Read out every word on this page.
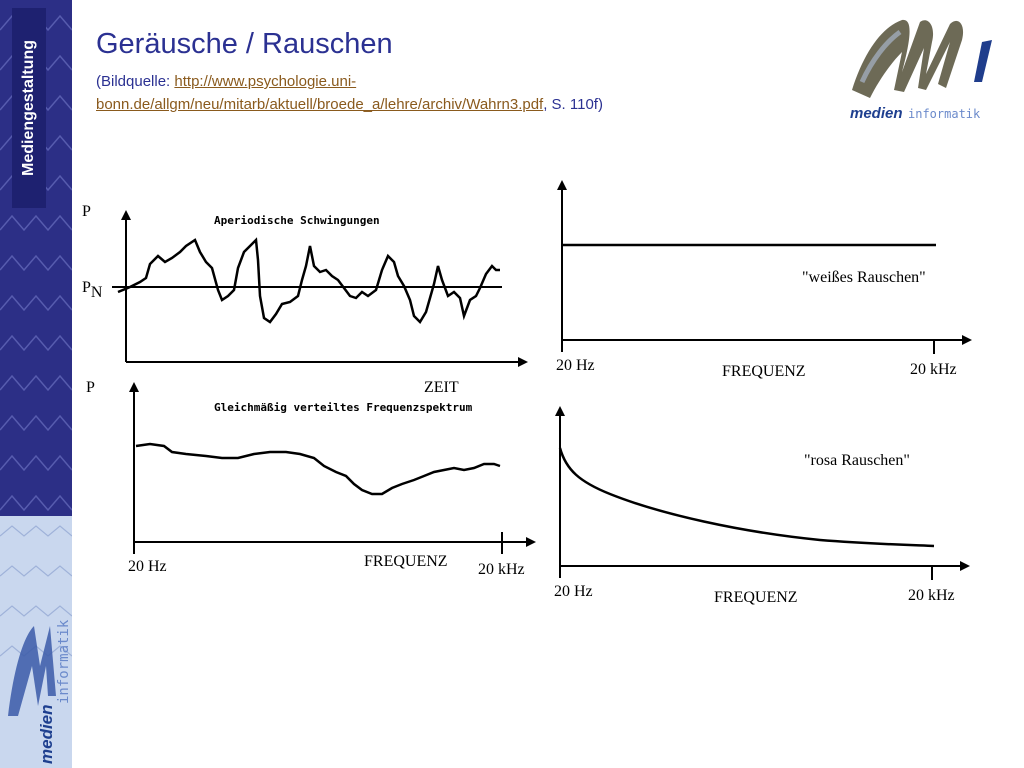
Mediengestaltung
medien
informatik
Geräusche / Rauschen
(Bildquelle: http://www.psychologie.uni-
bonn.de/allgm/neu/mitarb/aktuell/broede_a/lehre/archiv/Wahrn3.pdf, S. 110f)
medien informatik
P
PN
Aperiodische Schwingungen
ZEIT
P
Gleichmäßig verteiltes Frequenzspektrum
20 Hz	FREQUENZ 20 kHz
"weißes Rauschen"
20 Hz	FREQUENZ	20 kHz
"rosa Rauschen"
20 Hz	FREQUENZ	20 kHz
